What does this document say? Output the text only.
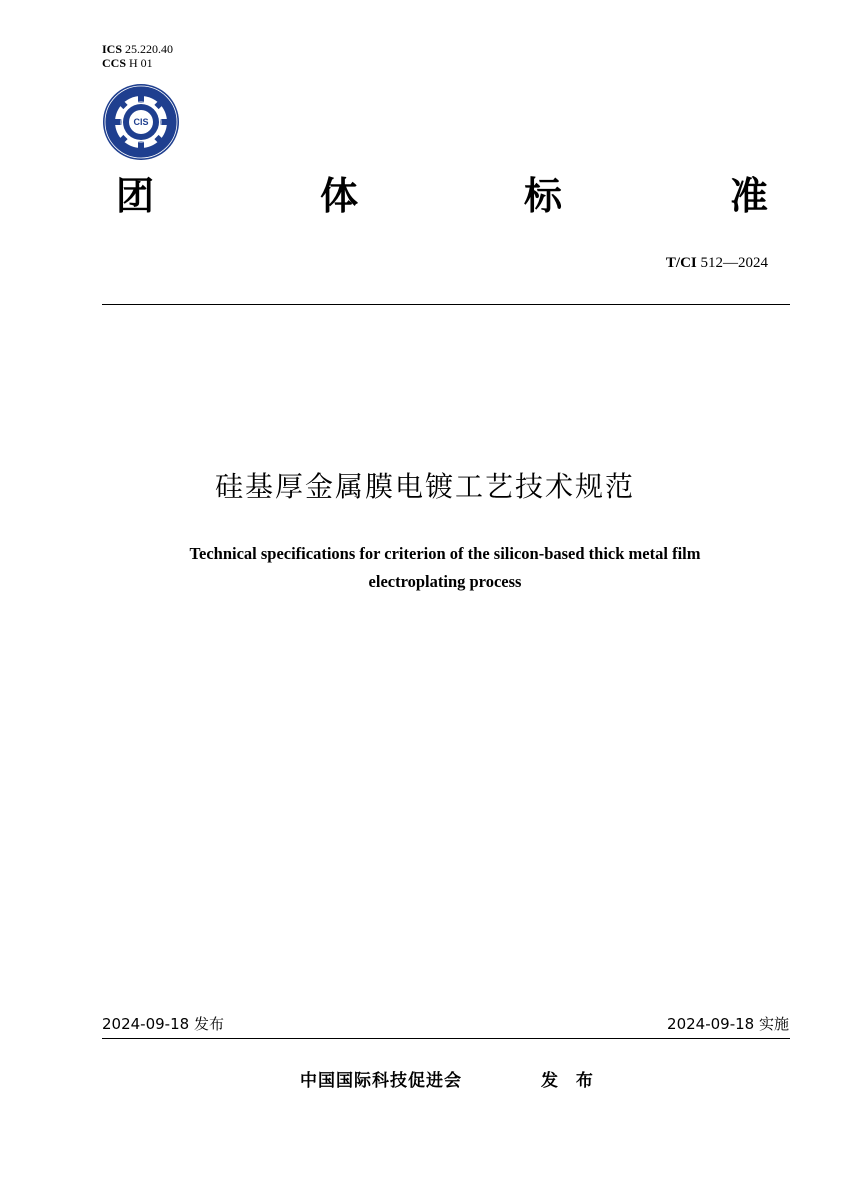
ICS 25.220.40
CCS H 01
CIS
团	体	标	准
T/CI 512—2024
硅基厚金属膜电镀工艺技术规范
Technical specifications for criterion of the silicon-based thick metal film
electroplating process
2024-09-18 发布	2024-09-18 实施
中国国际科技促进会	发 布
